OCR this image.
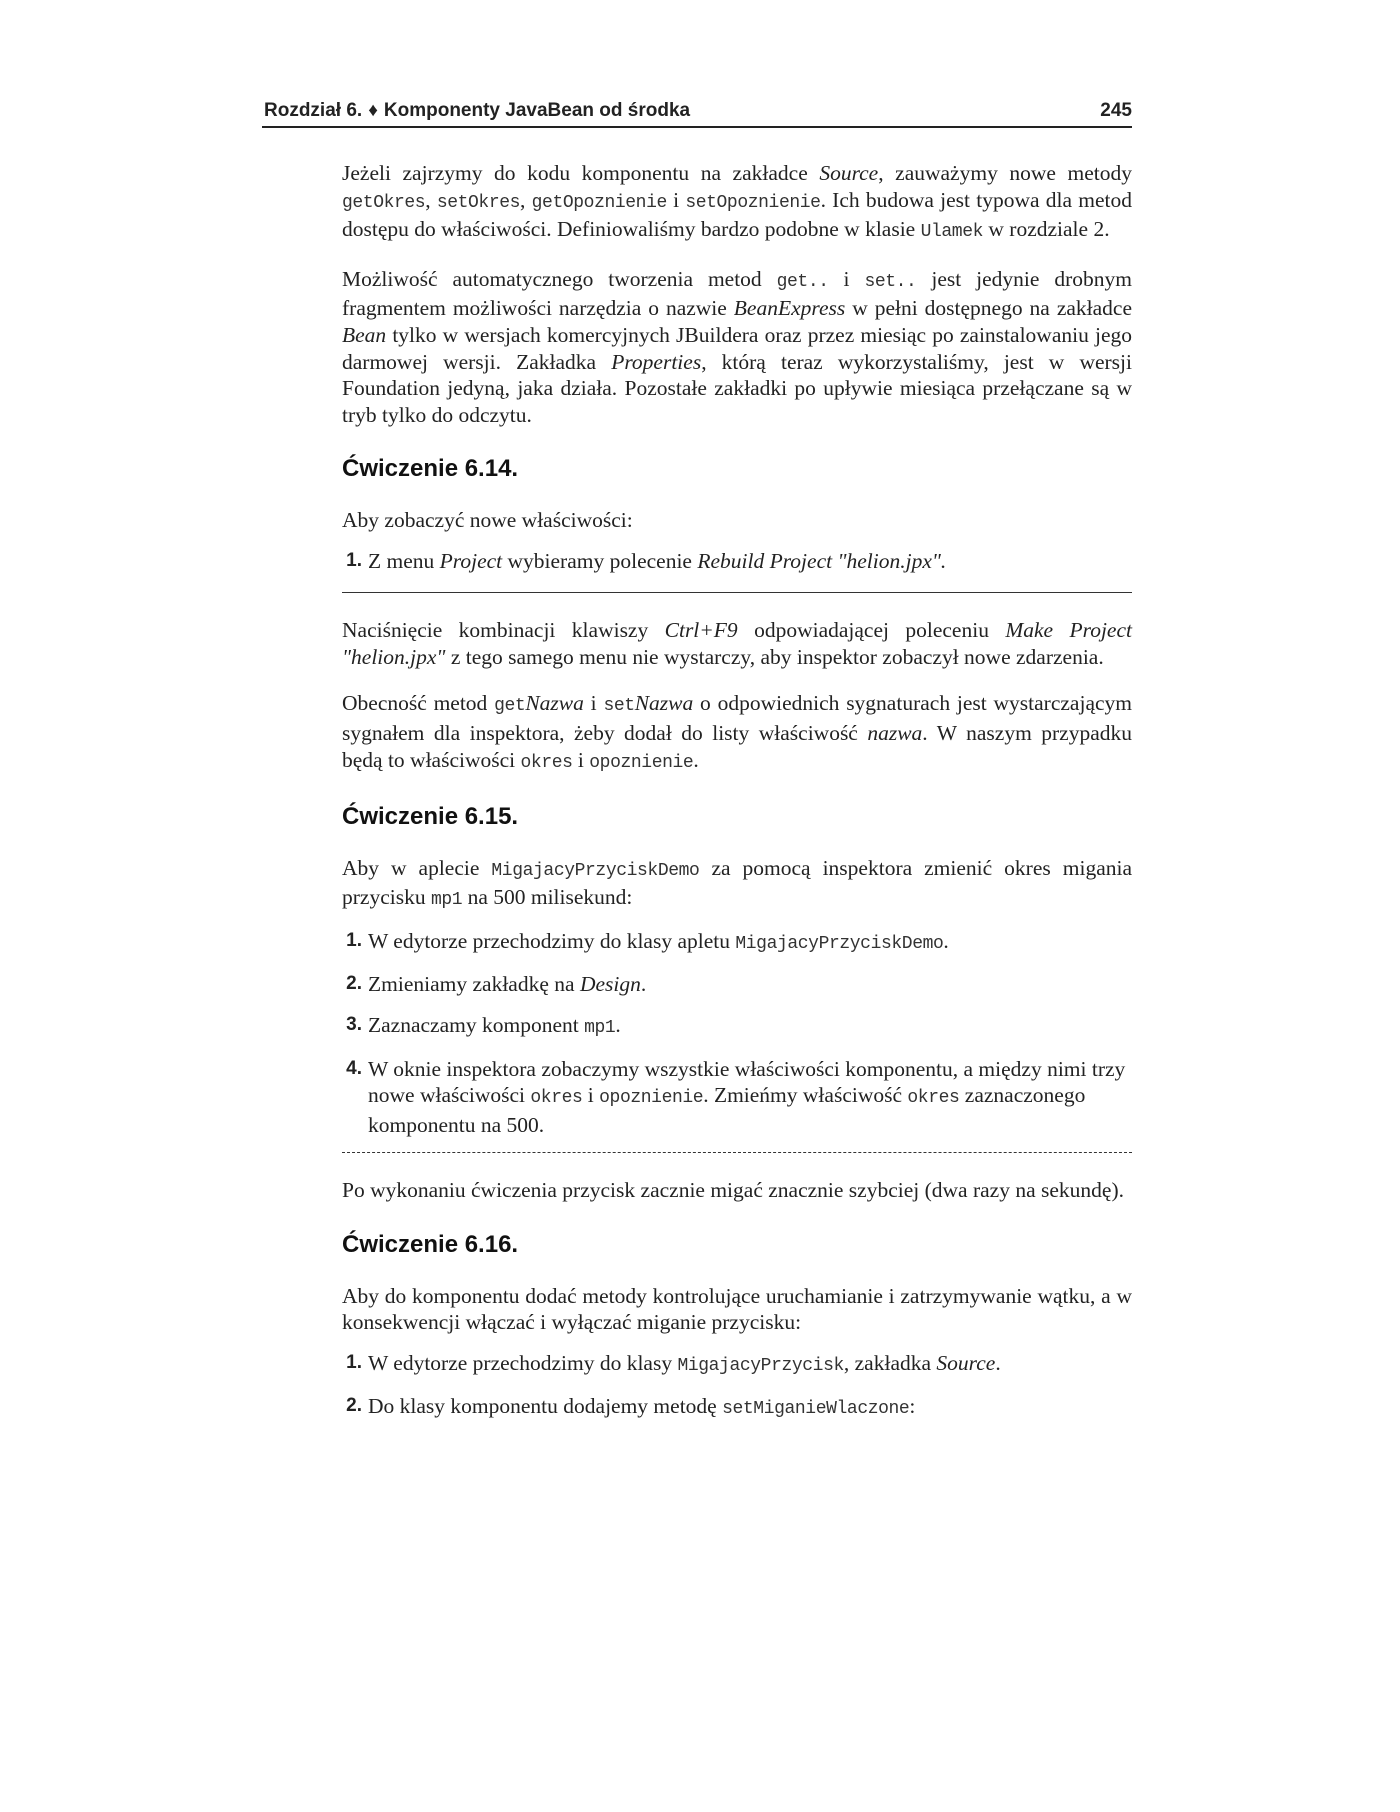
Rozdział 6. ♦ Komponenty JavaBean od środka	245

Jeżeli zajrzymy do kodu komponentu na zakładce Source, zauważymy nowe metody getOkres, setOkres, getOpoznienie i setOpoznienie. Ich budowa jest typowa dla metod dostępu do właściwości. Definiowaliśmy bardzo podobne w klasie Ulamek w rozdziale 2.

Możliwość automatycznego tworzenia metod get.. i set.. jest jedynie drobnym fragmentem możliwości narzędzia o nazwie BeanExpress w pełni dostępnego na zakładce Bean tylko w wersjach komercyjnych JBuildera oraz przez miesiąc po zainstalowaniu jego darmowej wersji. Zakładka Properties, którą teraz wykorzystaliśmy, jest w wersji Foundation jedyną, jaka działa. Pozostałe zakładki po upływie miesiąca przełączane są w tryb tylko do odczytu.

Ćwiczenie 6.14.

Aby zobaczyć nowe właściwości:

1. Z menu Project wybieramy polecenie Rebuild Project "helion.jpx".

Naciśnięcie kombinacji klawiszy Ctrl+F9 odpowiadającej poleceniu Make Project "helion.jpx" z tego samego menu nie wystarczy, aby inspektor zobaczył nowe zdarzenia.

Obecność metod getNazwa i setNazwa o odpowiednich sygnaturach jest wystarczającym sygnałem dla inspektora, żeby dodał do listy właściwość nazwa. W naszym przypadku będą to właściwości okres i opoznienie.

Ćwiczenie 6.15.

Aby w aplecie MigajacyPrzyciskDemo za pomocą inspektora zmienić okres migania przycisku mp1 na 500 milisekund:

1. W edytorze przechodzimy do klasy apletu MigajacyPrzyciskDemo.
2. Zmieniamy zakładkę na Design.
3. Zaznaczamy komponent mp1.
4. W oknie inspektora zobaczymy wszystkie właściwości komponentu, a między nimi trzy nowe właściwości okres i opoznienie. Zmieńmy właściwość okres zaznaczonego komponentu na 500.

Po wykonaniu ćwiczenia przycisk zacznie migać znacznie szybciej (dwa razy na sekundę).

Ćwiczenie 6.16.

Aby do komponentu dodać metody kontrolujące uruchamianie i zatrzymywanie wątku, a w konsekwencji włączać i wyłączać miganie przycisku:

1. W edytorze przechodzimy do klasy MigajacyPrzycisk, zakładka Source.
2. Do klasy komponentu dodajemy metodę setMiganieWlaczone:
